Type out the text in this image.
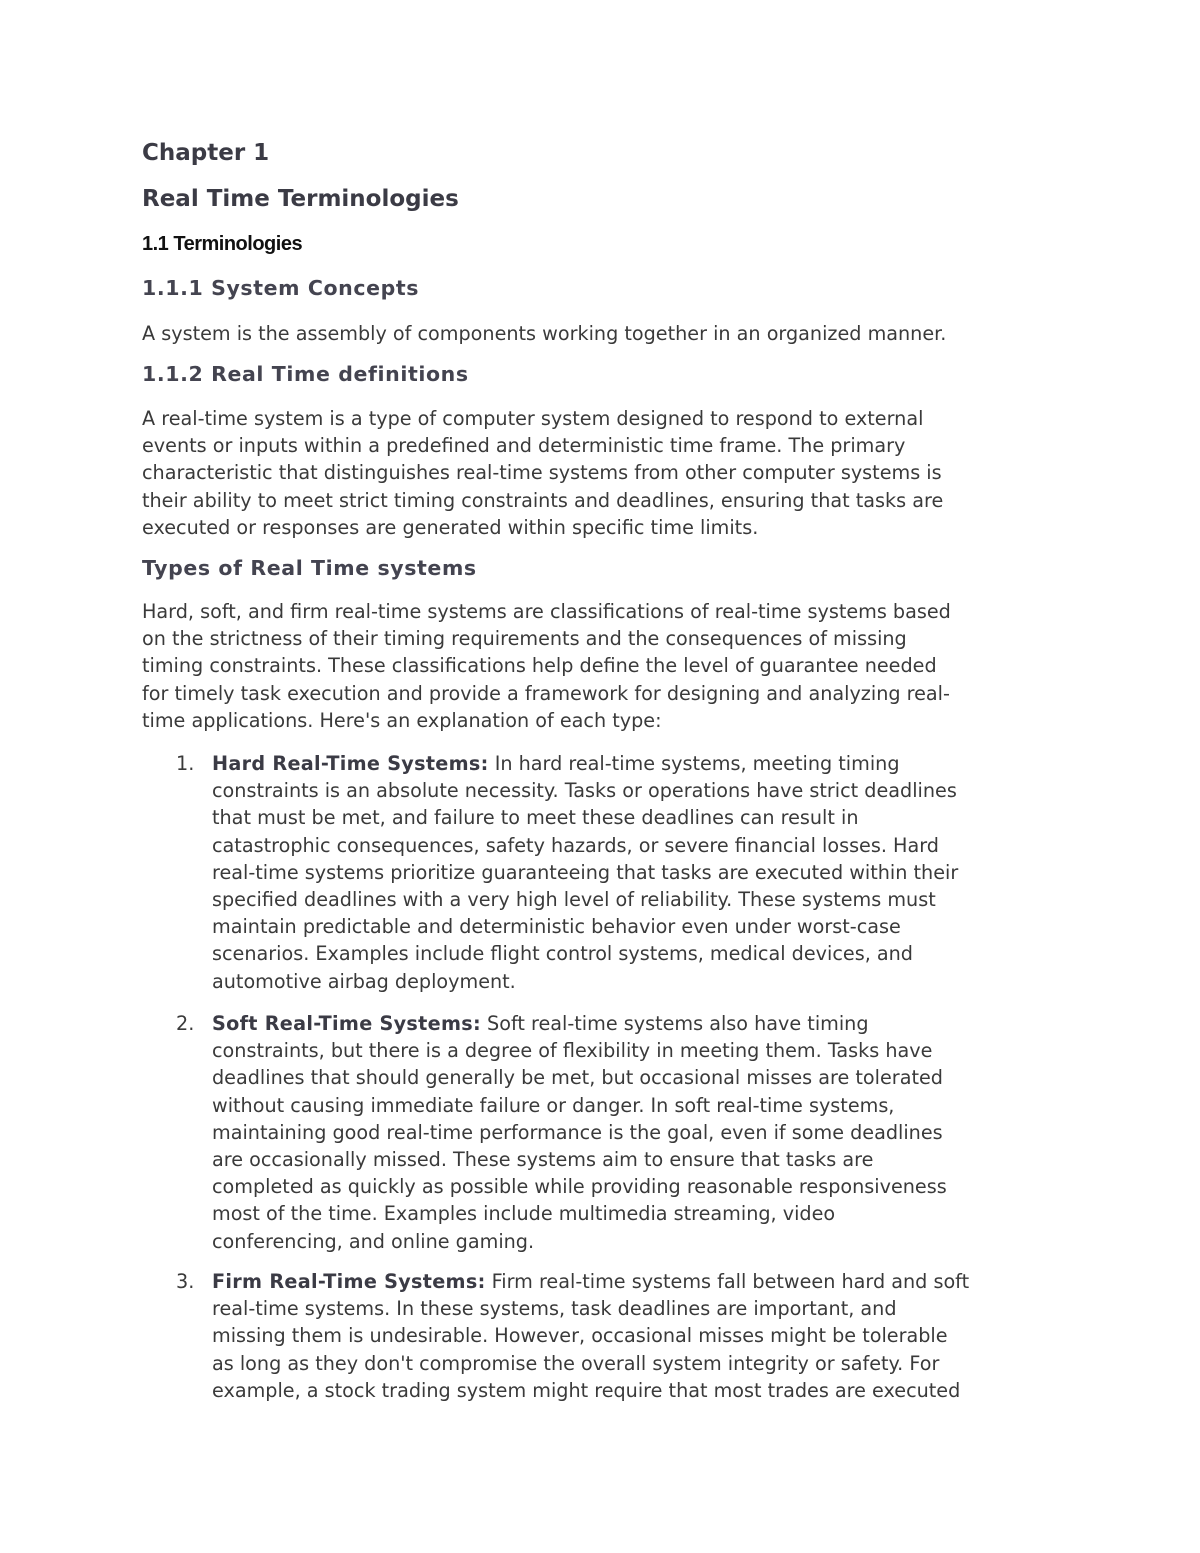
Chapter 1
Real Time Terminologies
1.1 Terminologies
1.1.1 System Concepts
A system is the assembly of components working together in an organized manner.
1.1.2 Real Time definitions
A real-time system is a type of computer system designed to respond to external
events or inputs within a predefined and deterministic time frame. The primary
characteristic that distinguishes real-time systems from other computer systems is
their ability to meet strict timing constraints and deadlines, ensuring that tasks are
executed or responses are generated within specific time limits.
Types of Real Time systems
Hard, soft, and firm real-time systems are classifications of real-time systems based
on the strictness of their timing requirements and the consequences of missing
timing constraints. These classifications help define the level of guarantee needed
for timely task execution and provide a framework for designing and analyzing real-
time applications. Here's an explanation of each type:
1. Hard Real-Time Systems: In hard real-time systems, meeting timing
constraints is an absolute necessity. Tasks or operations have strict deadlines
that must be met, and failure to meet these deadlines can result in
catastrophic consequences, safety hazards, or severe financial losses. Hard
real-time systems prioritize guaranteeing that tasks are executed within their
specified deadlines with a very high level of reliability. These systems must
maintain predictable and deterministic behavior even under worst-case
scenarios. Examples include flight control systems, medical devices, and
automotive airbag deployment.
2. Soft Real-Time Systems: Soft real-time systems also have timing
constraints, but there is a degree of flexibility in meeting them. Tasks have
deadlines that should generally be met, but occasional misses are tolerated
without causing immediate failure or danger. In soft real-time systems,
maintaining good real-time performance is the goal, even if some deadlines
are occasionally missed. These systems aim to ensure that tasks are
completed as quickly as possible while providing reasonable responsiveness
most of the time. Examples include multimedia streaming, video
conferencing, and online gaming.
3. Firm Real-Time Systems: Firm real-time systems fall between hard and soft
real-time systems. In these systems, task deadlines are important, and
missing them is undesirable. However, occasional misses might be tolerable
as long as they don't compromise the overall system integrity or safety. For
example, a stock trading system might require that most trades are executed
